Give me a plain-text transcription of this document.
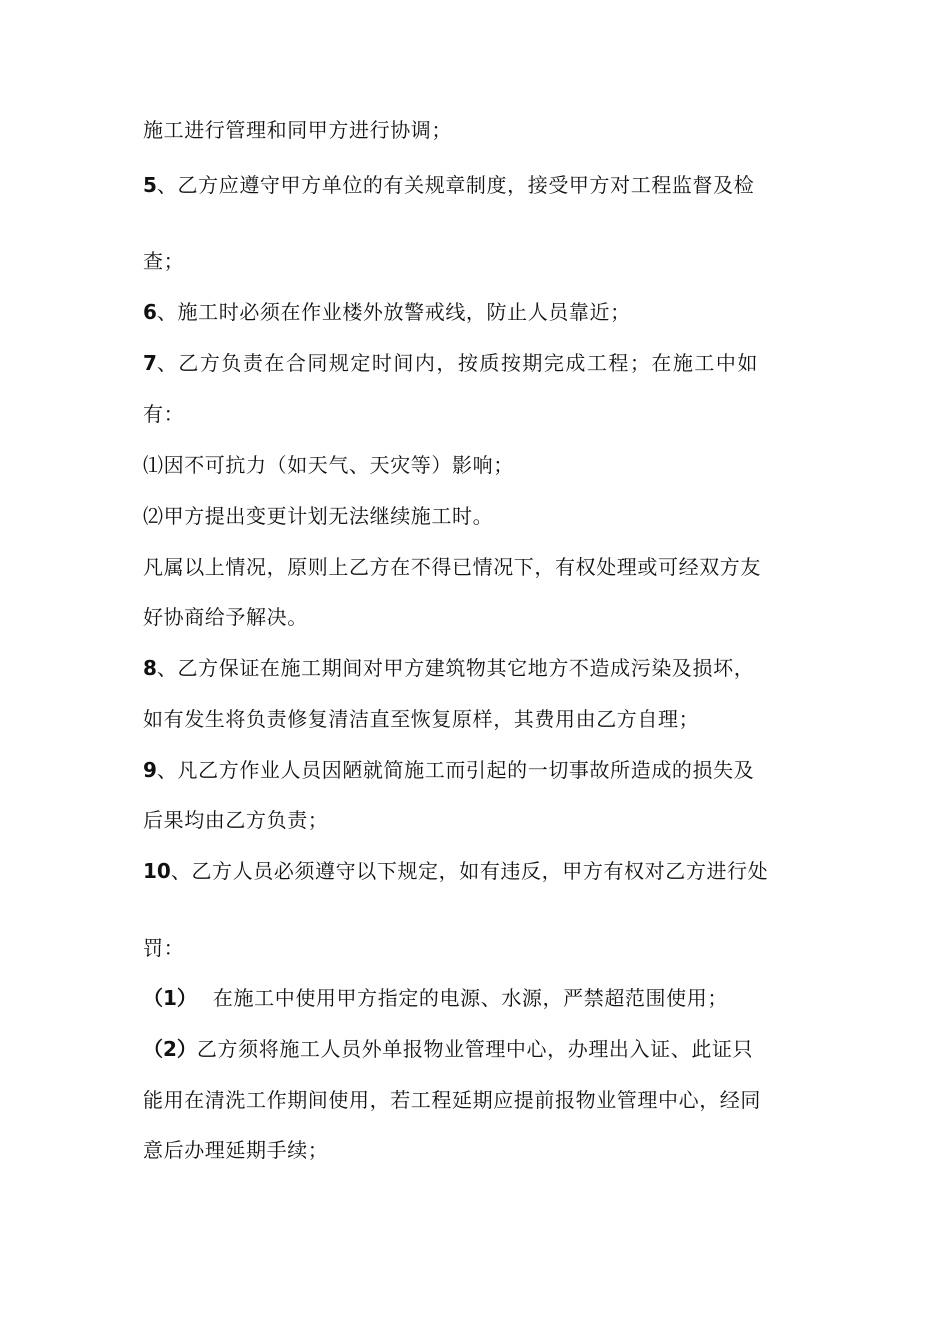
施工进行管理和同甲方进行协调；
5、乙方应遵守甲方单位的有关规章制度，接受甲方对工程监督及检
查；
6、施工时必须在作业楼外放警戒线，防止人员靠近；
7、乙方负责在合同规定时间内，按质按期完成工程；在施工中如
有：
⑴因不可抗力（如天气、天灾等）影响；
⑵甲方提出变更计划无法继续施工时。
凡属以上情况，原则上乙方在不得已情况下，有权处理或可经双方友
好协商给予解决。
8、乙方保证在施工期间对甲方建筑物其它地方不造成污染及损坏，
如有发生将负责修复清洁直至恢复原样，其费用由乙方自理；
9、凡乙方作业人员因陋就简施工而引起的一切事故所造成的损失及
后果均由乙方负责；
10、乙方人员必须遵守以下规定，如有违反，甲方有权对乙方进行处
罚：
（1） 在施工中使用甲方指定的电源、水源，严禁超范围使用；
（2）乙方须将施工人员外单报物业管理中心，办理出入证、此证只
能用在清洗工作期间使用，若工程延期应提前报物业管理中心，经同
意后办理延期手续；
